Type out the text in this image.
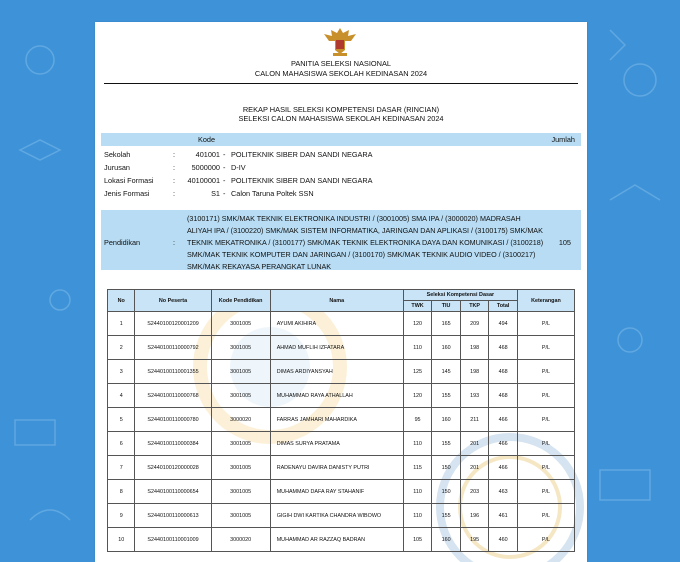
PANITIA SELEKSI NASIONAL
CALON MAHASISWA SEKOLAH KEDINASAN 2024
REKAP HASIL SELEKSI KOMPETENSI DASAR (RINCIAN)
SELEKSI CALON MAHASISWA SEKOLAH KEDINASAN 2024
Kode	Jumlah
Sekolah	:	401001 - POLITEKNIK SIBER DAN SANDI NEGARA
Jurusan	:	5000000 - D-IV
Lokasi Formasi	:	40100001 - POLITEKNIK SIBER DAN SANDI NEGARA
Jenis Formasi	:	S1 - Calon Taruna Poltek SSN
Pendidikan	:
(3100171) SMK/MAK TEKNIK ELEKTRONIKA INDUSTRI / (3001005) SMA IPA / (3000020) MADRASAH ALIYAH IPA / (3100220) SMK/MAK SISTEM INFORMATIKA, JARINGAN DAN APLIKASI / (3100175) SMK/MAK TEKNIK MEKATRONIKA / (3100177) SMK/MAK TEKNIK ELEKTRONIKA DAYA DAN KOMUNIKASI / (3100218) SMK/MAK TEKNIK KOMPUTER DAN JARINGAN / (3100170) SMK/MAK TEKNIK AUDIO VIDEO / (3100217) SMK/MAK REKAYASA PERANGKAT LUNAK
105
No	No Peserta	Kode Pendidikan	Nama	Seleksi Kompetensi Dasar				Keterangan
				TWK	TIU	TKP	Total	
1	S2440100120001209	3001005	AYUMI AKIHIRA	120	165	209	494	P/L
2	S2440100110000792	3001005	AHMAD MUFLIH IZFATARA	110	160	198	468	P/L
3	S2440100110001355	3001005	DIMAS ARDIYANSYAH	125	145	198	468	P/L
4	S2440100110000768	3001005	MUHAMMAD RAYA ATHALLAH	120	155	193	468	P/L
5	S2440100110000780	3000020	FARRAS JAMHARI MAHARDIKA	95	160	211	466	P/L
6	S2440100110000384	3001005	DIMAS SURYA PRATAMA	110	155	201	466	P/L
7	S2440100120000028	3001005	RADENAYU DAVIRA DANISTY PUTRI	115	150	201	466	P/L
8	S2440100110000654	3001005	MUHAMMAD DAFA RAY STAHANIF	110	150	203	463	P/L
9	S2440100110000613	3001005	GIGIH DWI KARTIKA CHANDRA WIBOWO	110	155	196	461	P/L
10	S2440100110001009	3000020	MUHAMMAD AR RAZZAQ BADRAN	105	160	195	460	P/L
